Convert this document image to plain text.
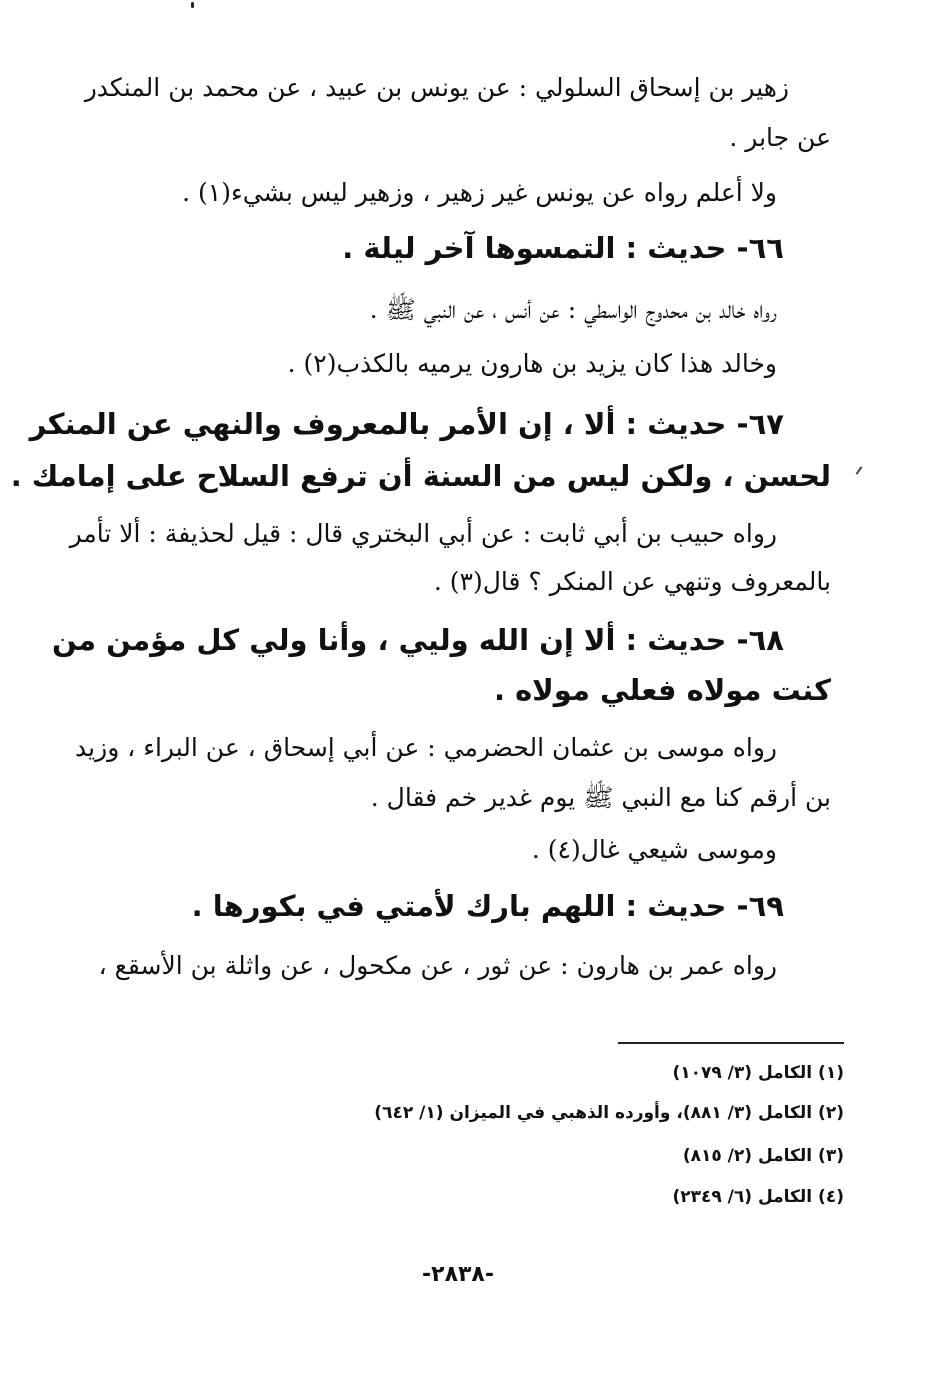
زهير بن إسحاق السلولي : عن يونس بن عبيد ، عن محمد بن المنكدر

عن جابر .

ولا أعلم رواه عن يونس غير زهير ، وزهير ليس بشيء(١) .

٦٦- حديث : التمسوها آخر ليلة .

رواه خالد بن محدوج الواسطي : عن أنس ، عن النبي ﷺ .

وخالد هذا كان يزيد بن هارون يرميه بالكذب(٢) .

٦٧- حديث : ألا ، إن الأمر بالمعروف والنهي عن المنكر

لحسن ، ولكن ليس من السنة أن ترفع السلاح على إمامك .

رواه حبيب بن أبي ثابت : عن أبي البختري قال : قيل لحذيفة : ألا تأمر

بالمعروف وتنهي عن المنكر ؟ قال(٣) .

٦٨- حديث : ألا إن الله وليي ، وأنا ولي كل مؤمن من

كنت مولاه فعلي مولاه .

رواه موسى بن عثمان الحضرمي : عن أبي إسحاق ، عن البراء ، وزيد

بن أرقم كنا مع النبي ﷺ يوم غدير خم فقال .

وموسى شيعي غال(٤) .

٦٩- حديث : اللهم بارك لأمتي في بكورها .

رواه عمر بن هارون : عن ثور ، عن مكحول ، عن واثلة بن الأسقع ،

(١) الكامل (٣/ ١٠٧٩)

(٢) الكامل (٣/ ٨٨١)، وأورده الذهبي في الميزان (١/ ٦٤٢)

(٣) الكامل (٢/ ٨١٥)

(٤) الكامل (٦/ ٢٣٤٩)

-٢٨٣٨-
